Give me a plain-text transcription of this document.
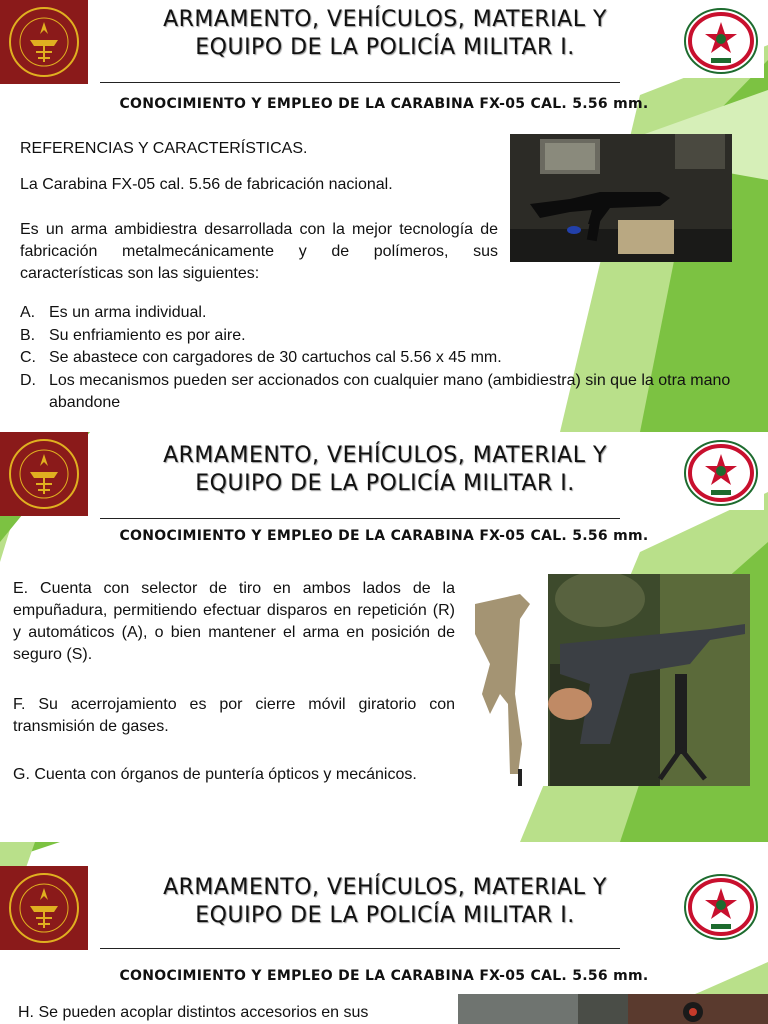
ARMAMENTO, VEHÍCULOS, MATERIAL Y
EQUIPO DE LA POLICÍA MILITAR I.
CONOCIMIENTO Y EMPLEO DE LA CARABINA FX-05 CAL. 5.56 mm.
REFERENCIAS Y CARACTERÍSTICAS.
La Carabina FX-05 cal. 5.56 de fabricación nacional.
Es un arma ambidiestra desarrollada con la mejor tecnología de fabricación metalmecánicamente y de polímeros, sus características son las siguientes:
A. Es un arma individual.
B. Su enfriamiento es por aire.
C. Se abastece con cargadores de 30 cartuchos cal 5.56 x 45 mm.
D. Los mecanismos pueden ser accionados con cualquier mano (ambidiestra) sin que la otra mano abandone
ARMAMENTO, VEHÍCULOS, MATERIAL Y
EQUIPO DE LA POLICÍA MILITAR I.
CONOCIMIENTO Y EMPLEO DE LA CARABINA FX-05 CAL. 5.56 mm.
E. Cuenta con selector de tiro en ambos lados de la empuñadura, permitiendo efectuar disparos en repetición (R) y automáticos (A), o bien mantener el arma en posición de seguro (S).
F. Su acerrojamiento es por cierre móvil giratorio con transmisión de gases.
G. Cuenta con órganos de puntería ópticos y mecánicos.
ARMAMENTO, VEHÍCULOS, MATERIAL Y
EQUIPO DE LA POLICÍA MILITAR I.
CONOCIMIENTO Y EMPLEO DE LA CARABINA FX-05 CAL. 5.56 mm.
H. Se pueden acoplar distintos accesorios en sus
